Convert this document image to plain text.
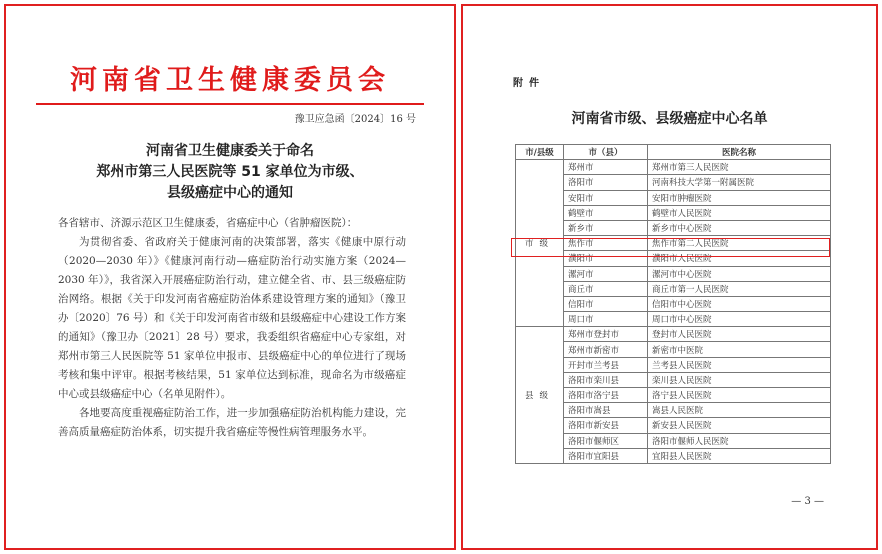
河南省卫生健康委员会
豫卫应急函〔2024〕16 号
河南省卫生健康委关于命名
郑州市第三人民医院等 51 家单位为市级、
县级癌症中心的通知

各省辖市、济源示范区卫生健康委，省癌症中心（省肿瘤医院）：

为贯彻省委、省政府关于健康河南的决策部署，落实《健康中原行动（2020—2030 年）》《健康河南行动—癌症防治行动实施方案（2024—2030 年）》，我省深入开展癌症防治行动，建立健全省、市、县三级癌症防治网络。根据《关于印发河南省癌症防治体系建设管理方案的通知》（豫卫办〔2020〕76 号）和《关于印发河南省市级和县级癌症中心建设工作方案的通知》（豫卫办〔2021〕28 号）要求，我委组织省癌症中心专家组，对郑州市第三人民医院等 51 家单位申报市、县级癌症中心的单位进行了现场考核和集中评审。根据考核结果，51 家单位达到标准，现命名为市级癌症中心或县级癌症中心（名单见附件）。

各地要高度重视癌症防治工作，进一步加强癌症防治机构能力建设，完善高质量癌症防治体系，切实提升我省癌症等慢性病管理服务水平。

附件
河南省市级、县级癌症中心名单
市/县级	市（县）	医院名称
市级	郑州市	郑州市第三人民医院
	洛阳市	河南科技大学第一附属医院
	安阳市	安阳市肿瘤医院
	鹤壁市	鹤壁市人民医院
	新乡市	新乡市中心医院
	焦作市	焦作市第二人民医院
	濮阳市	濮阳市人民医院
	漯河市	漯河市中心医院
	商丘市	商丘市第一人民医院
	信阳市	信阳市中心医院
	周口市	周口市中心医院
县级	郑州市登封市	登封市人民医院
	郑州市新密市	新密市中医院
	开封市兰考县	兰考县人民医院
	洛阳市栾川县	栾川县人民医院
	洛阳市洛宁县	洛宁县人民医院
	洛阳市嵩县	嵩县人民医院
	洛阳市新安县	新安县人民医院
	洛阳市偃师区	洛阳市偃师人民医院
	洛阳市宜阳县	宜阳县人民医院
— 3 —
